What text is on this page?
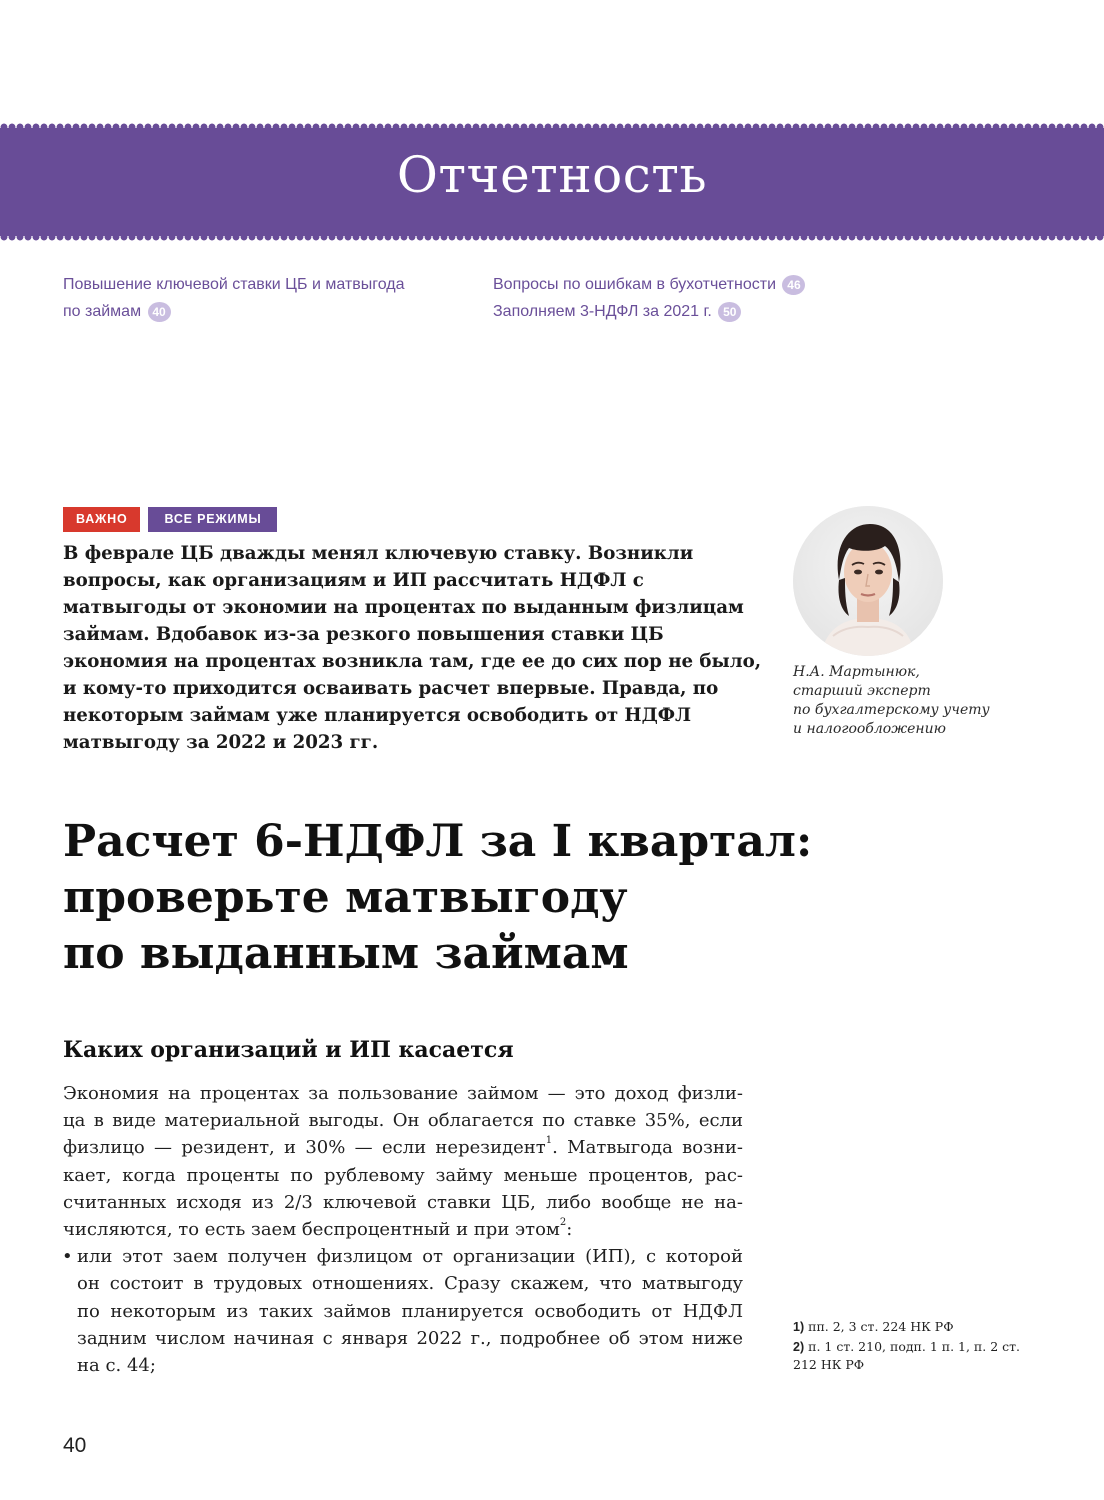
Отчетность
Повышение ключевой ставки ЦБ и матвыгода
по займам 40
Вопросы по ошибкам в бухотчетности 46
Заполняем 3-НДФЛ за 2021 г. 50
ВАЖНО	ВСЕ РЕЖИМЫ

В феврале ЦБ дважды менял ключевую ставку. Возникли вопросы, как организациям и ИП рассчитать НДФЛ с матвыгоды от экономии на процентах по выданным физлицам займам. Вдобавок из-за резкого повышения ставки ЦБ экономия на процентах возникла там, где ее до сих пор не было, и кому-то приходится осваивать расчет впервые. Правда, по некоторым займам уже планируется освободить от НДФЛ матвыгоду за 2022 и 2023 гг.

Н.А. Мартынюк,
старший эксперт
по бухгалтерскому учету
и налогообложению
Расчет 6-НДФЛ за I квартал:
проверьте матвыгоду
по выданным займам
Каких организаций и ИП касается
Экономия на процентах за пользование займом — это доход физли-
ца в виде материальной выгоды. Он облагается по ставке 35%, если
физлицо — резидент, и 30% — если нерезидент$^1$. Матвыгода возни-
кает, когда проценты по рублевому займу меньше процентов, рас-
считанных исходя из 2/3 ключевой ставки ЦБ, либо вообще не на-
числяются, то есть заем беспроцентный и при этом$^2$:
• или этот заем получен физлицом от организации (ИП), с которой
он состоит в трудовых отношениях. Сразу скажем, что матвыгоду
по некоторым из таких займов планируется освободить от НДФЛ
задним числом начиная с января 2022 г., подробнее об этом ниже
на с. 44;
1) пп. 2, 3 ст. 224 НК РФ
2) п. 1 ст. 210, подп. 1 п. 1, п. 2 ст. 212 НК РФ
40
